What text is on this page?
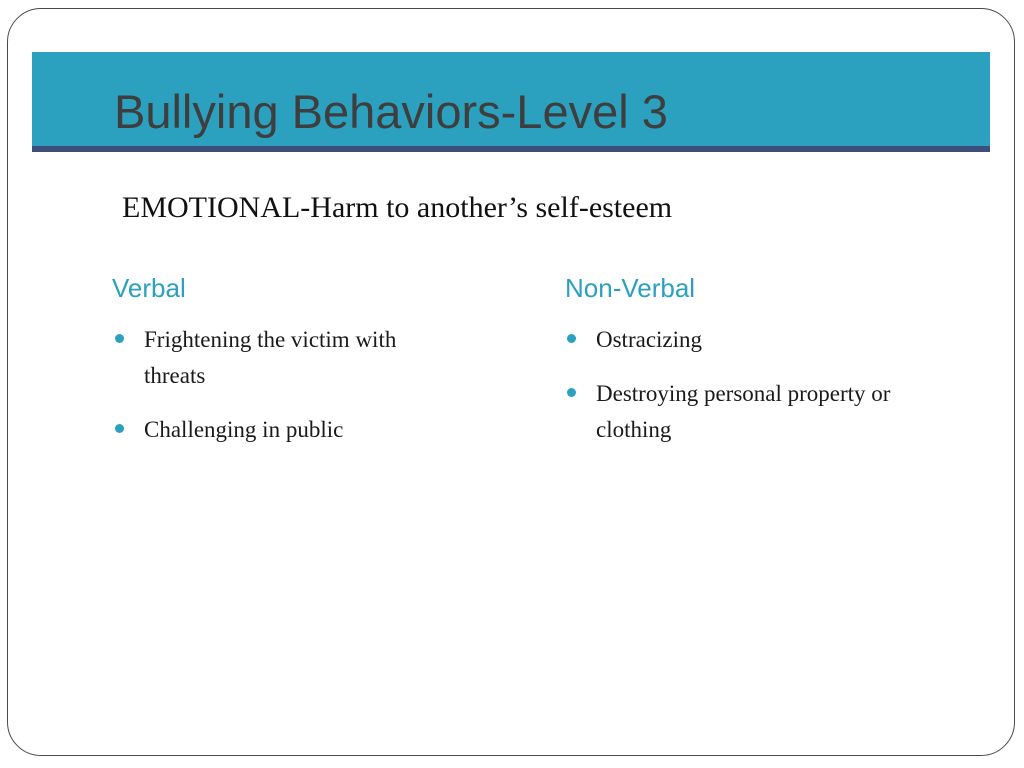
Bullying Behaviors-Level 3

EMOTIONAL-Harm to another’s self-esteem

Verbal
Frightening the victim with threats
Challenging in public
Non-Verbal
Ostracizing
Destroying personal property or clothing
